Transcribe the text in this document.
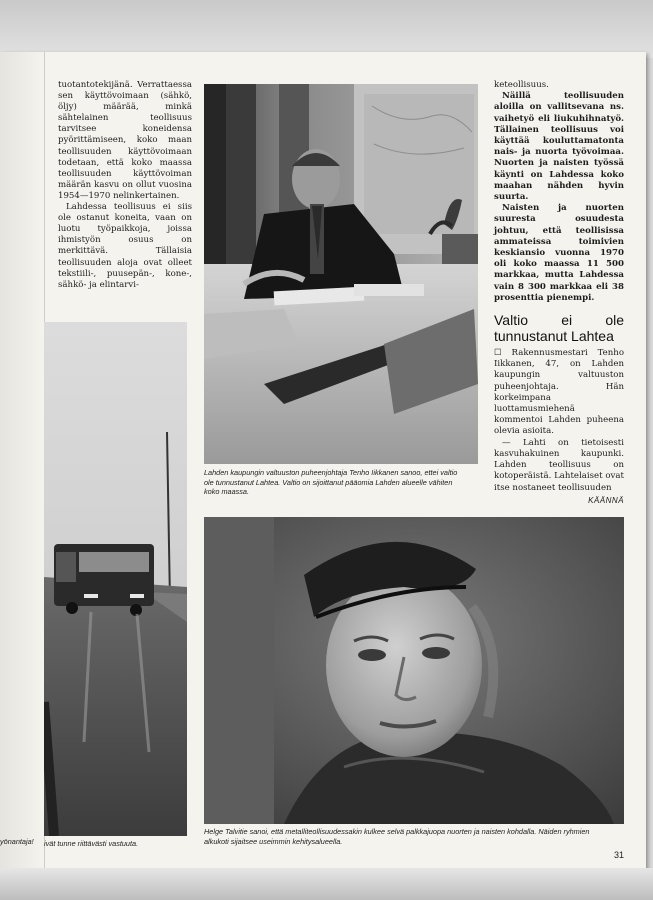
tuotantotekijänä. Verrattaessa sen käyttövoimaan (sähkö, öljy) määrää, minkä sähtelainen teollisuus tarvitsee koneidensa pyörittämiseen, koko maan teollisuuden käyttövoimaan todetaan, että koko maassa teollisuuden käyttövoiman määrän kasvu on ollut vuosina 1954—1970 nelinkertainen.

Lahdessa teollisuus ei siis ole ostanut koneita, vaan on luotu työpaikkoja, joissa ihmistyön osuus on merkittävä. Tällaisia teollisuuden aloja ovat olleet tekstiili-, puusepän-, kone-, sähkö- ja elintarvi-

Lahden kaupungin valtuuston puheenjohtaja Tenho Iikkanen sanoo, ettei valtio ole tunnustanut Lahtea. Valtio on sijoittanut pääomia Lahden alueelle vähiten koko maassa.
yönantaja!	ivät tunne riittävästi vastuuta.

keteollisuus.

Näillä teollisuuden aloilla on vallitsevana ns. vaihetyö eli liukuhihnatyö. Tällainen teollisuus voi käyttää kouluttamatonta nais- ja nuorta työvoimaa. Nuorten ja naisten työssä käynti on Lahdessa koko maahan nähden hyvin suurta.

Naisten ja nuorten suuresta osuudesta johtuu, että teollisissa ammateissa toimivien keskiansio vuonna 1970 oli koko maassa 11 500 markkaa, mutta Lahdessa vain 8 300 markkaa eli 38 prosenttia pienempi.

Valtio ei ole tunnustanut Lahtea

☐ Rakennusmestari Tenho Iikkanen, 47, on Lahden kaupungin valtuuston puheenjohtaja. Hän korkeimpana luottamusmiehenä kommentoi Lahden puheena olevia asioita.

— Lahti on tietoisesti kasvuhakuinen kaupunki. Lahden teollisuus on kotoperäistä. Lahtelaiset ovat itse nostaneet teollisuuden

KÄÄNNÄ
Helge Talvitie sanoi, että metalliteollisuudessakin kulkee selvä palkkajuopa nuorten ja naisten kohdalla. Näiden ryhmien alkukoti sijaitsee useimmin kehitysalueella.
31
